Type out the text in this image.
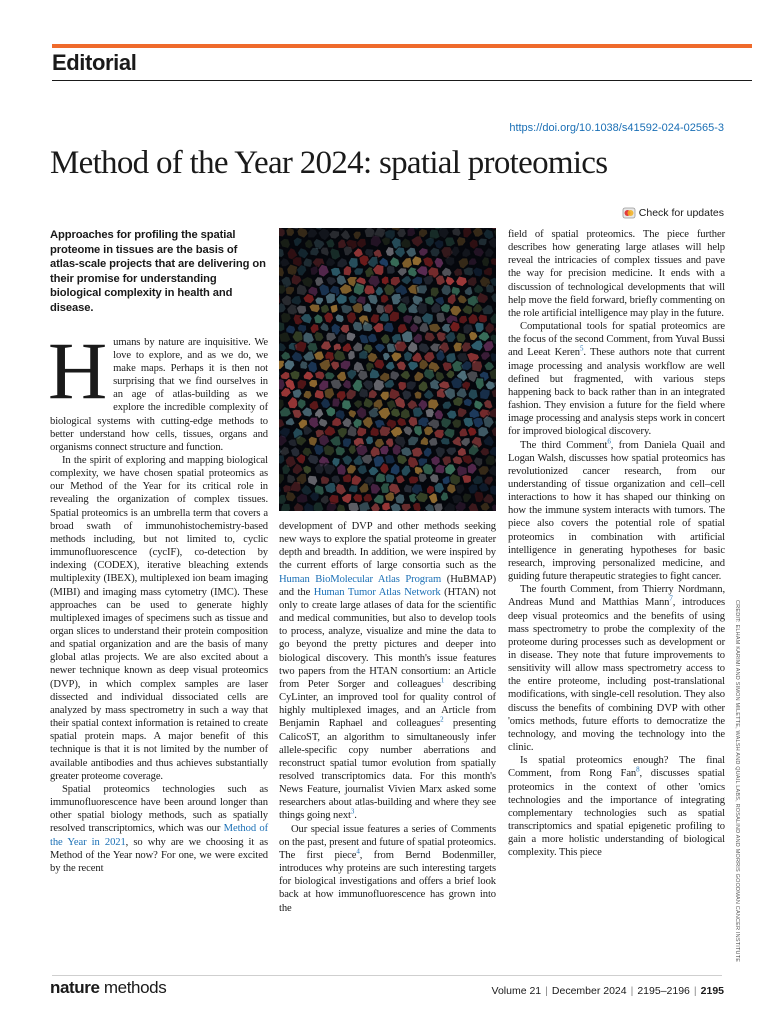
Editorial
https://doi.org/10.1038/s41592-024-02565-3
Method of the Year 2024: spatial proteomics
Check for updates

Approaches for profiling the spatial proteome in tissues are the basis of atlas-scale projects that are delivering on their promise for understanding biological complexity in health and disease.

Humans by nature are inquisitive. We love to explore, and as we do, we make maps. Perhaps it is then not surprising that we find ourselves in an age of atlas-building as we explore the incredible complexity of biological systems with cutting-edge methods to better understand how cells, tissues, organs and organisms connect structure and function.

In the spirit of exploring and mapping biological complexity, we have chosen spatial proteomics as our Method of the Year for its critical role in revealing the organization of complex tissues. Spatial proteomics is an umbrella term that covers a broad swath of immunohistochemistry-based methods including, but not limited to, cyclic immunofluorescence (cycIF), co-detection by indexing (CODEX), iterative bleaching extends multiplexity (IBEX), multiplexed ion beam imaging (MIBI) and imaging mass cytometry (IMC). These approaches can be used to generate highly multiplexed images of specimens such as tissue and organ slices to understand their protein composition and spatial organization and are the basis of many global atlas projects. We are also excited about a newer technique known as deep visual proteomics (DVP), in which complex samples are laser dissected and individual dissociated cells are analyzed by mass spectrometry in such a way that their spatial context information is retained to create spatial protein maps. A major benefit of this technique is that it is not limited by the number of available antibodies and thus achieves substantially greater proteome coverage.

Spatial proteomics technologies such as immunofluorescence have been around longer than other spatial biology methods, such as spatially resolved transcriptomics, which was our Method of the Year in 2021, so why are we choosing it as Method of the Year now? For one, we were excited by the recent

development of DVP and other methods seeking new ways to explore the spatial proteome in greater depth and breadth. In addition, we were inspired by the current efforts of large consortia such as the Human BioMolecular Atlas Program (HuBMAP) and the Human Tumor Atlas Network (HTAN) not only to create large atlases of data for the scientific and medical communities, but also to develop tools to process, analyze, visualize and mine the data to go beyond the pretty pictures and deeper into biological discovery. This month's issue features two papers from the HTAN consortium: an Article from Peter Sorger and colleagues$^1$ describing CyLinter, an improved tool for quality control of highly multiplexed images, and an Article from Benjamin Raphael and colleagues$^2$ presenting CalicoST, an algorithm to simultaneously infer allele-specific copy number aberrations and reconstruct spatial tumor evolution from spatially resolved transcriptomics data. For this month's News Feature, journalist Vivien Marx asked some researchers about atlas-building and where they see things going next$^3$.

Our special issue features a series of Comments on the past, present and future of spatial proteomics. The first piece$^4$, from Bernd Bodenmiller, introduces why proteins are such interesting targets for biological investigations and offers a brief look back at how immunofluorescence has grown into the

field of spatial proteomics. The piece further describes how generating large atlases will help reveal the intricacies of complex tissues and pave the way for precision medicine. It ends with a discussion of technological developments that will help move the field forward, briefly commenting on the role artificial intelligence may play in the future.

Computational tools for spatial proteomics are the focus of the second Comment, from Yuval Bussi and Leeat Keren$^5$. These authors note that current image processing and analysis workflow are well defined but fragmented, with various steps happening back to back rather than in an integrated fashion. They envision a future for the field where image processing and analysis steps work in concert for improved biological discovery.

The third Comment$^6$, from Daniela Quail and Logan Walsh, discusses how spatial proteomics has revolutionized cancer research, from our understanding of tissue organization and cell–cell interactions to how it has shaped our thinking on how the immune system interacts with tumors. The piece also covers the potential role of spatial proteomics in combination with artificial intelligence in generating hypotheses for basic research, improving personalized medicine, and guiding future therapeutic strategies to fight cancer.

The fourth Comment, from Thierry Nordmann, Andreas Mund and Matthias Mann$^7$, introduces deep visual proteomics and the benefits of using mass spectrometry to probe the complexity of the proteome during processes such as development or in disease. They note that future improvements to sensitivity will allow mass spectrometry access to the entire proteome, including post-translational modifications, with single-cell resolution. They also discuss the benefits of combining DVP with other 'omics methods, future efforts to democratize the technology, and moving the technology into the clinic.

Is spatial proteomics enough? The final Comment, from Rong Fan$^8$, discusses spatial proteomics in the context of other 'omics technologies and the importance of integrating complementary technologies such as spatial transcriptomics and spatial epigenetic profiling to gain a more holistic understanding of biological complexity. This piece	CREDIT: ELHAM KARIMI AND SIMON MILETTE, WALSH AND QUAIL LABS, ROSALIND AND MORRIS GOODMAN CANCER INSTITUTE
nature methods	Volume 21 | December 2024 | 2195–2196 | 2195
